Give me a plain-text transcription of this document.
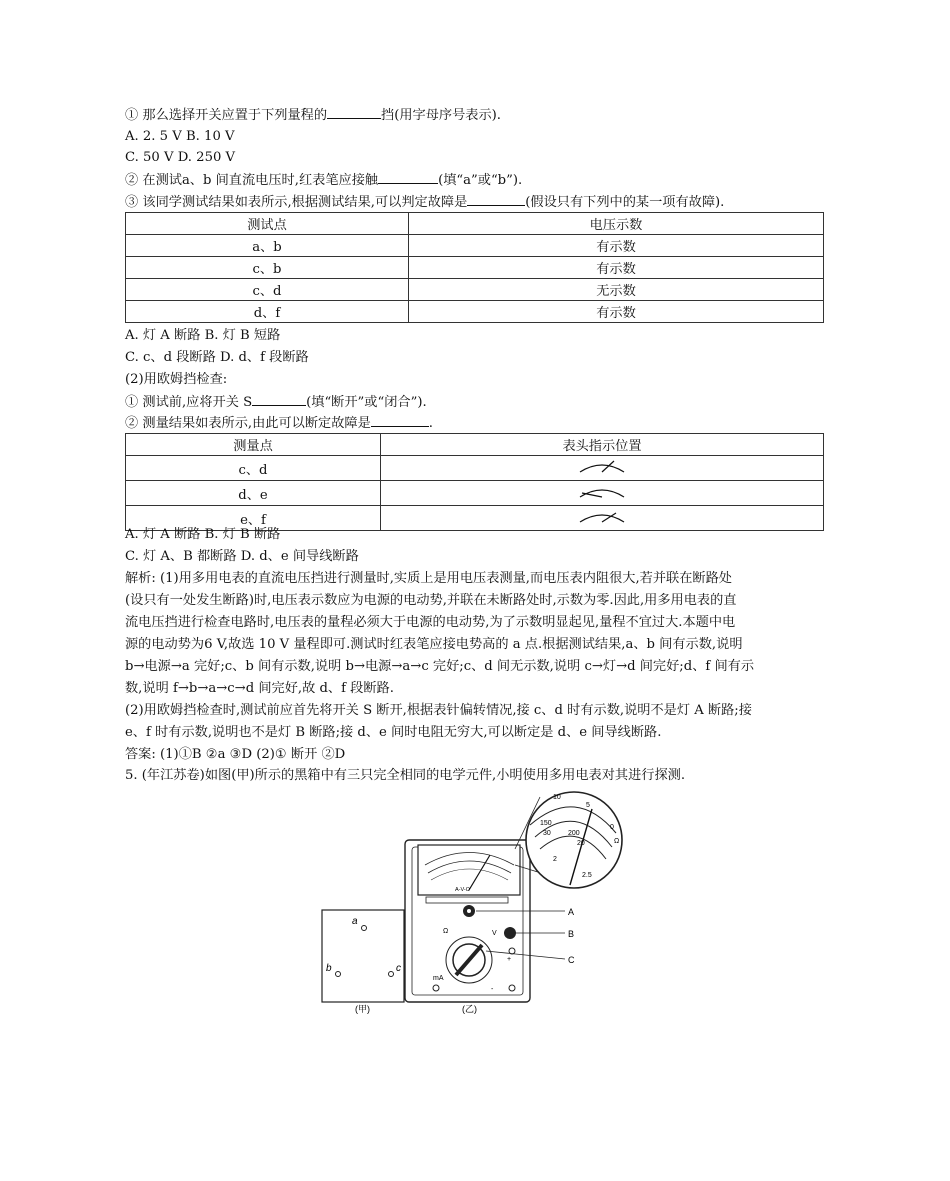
① 那么选择开关应置于下列量程的	挡(用字母序号表示).
A. 2. 5 V B. 10 V
C. 50 V D. 250 V
② 在测试a、b 间直流电压时,红表笔应接触	(填“a”或“b”).
③ 该同学测试结果如表所示,根据测试结果,可以判定故障是	(假设只有下列中的某一项有故障).
测试点	电压示数
a、b	有示数
c、b	有示数
c、d	无示数
d、f	有示数
A. 灯 A 断路 B. 灯 B 短路
C. c、d 段断路 D. d、f 段断路
(2)用欧姆挡检查:
① 测试前,应将开关 S	(填“断开”或“闭合”).
② 测量结果如表所示,由此可以断定故障是	.
测量点	表头指示位置
c、d	
d、e	
e、f	
A. 灯 A 断路 B. 灯 B 断路
C. 灯 A、B 都断路 D. d、e 间导线断路
解析: (1)用多用电表的直流电压挡进行测量时,实质上是用电压表测量,而电压表内阻很大,若并联在断路处
(设只有一处发生断路)时,电压表示数应为电源的电动势,并联在未断路处时,示数为零.因此,用多用电表的直
流电压挡进行检查电路时,电压表的量程必须大于电源的电动势,为了示数明显起见,量程不宜过大.本题中电
源的电动势为6 V,故选 10 V 量程即可.测试时红表笔应接电势高的 a 点.根据测试结果,a、b 间有示数,说明
b→电源→a 完好;c、b 间有示数,说明 b→电源→a→c 完好;c、d 间无示数,说明 c→灯→d 间完好;d、f 间有示
数,说明 f→b→a→c→d 间完好,故 d、f 段断路.
(2)用欧姆挡检查时,测试前应首先将开关 S 断开,根据表针偏转情况,接 c、d 时有示数,说明不是灯 A 断路;接
e、f 时有示数,说明也不是灯 B 断路;接 d、e 间时电阻无穷大,可以断定是 d、e 间导线断路.
答案: (1)①B ②a ③D (2)① 断开 ②D
5. (年江苏卷)如图(甲)所示的黑箱中有三只完全相同的电学元件,小明使用多用电表对其进行探测.
a
b	c
(甲)
A-V-Ω
Ω	V
mA
+
-
A
B
C
(乙)
10
5
150
30 200
20
0
2
2.5
Ω
